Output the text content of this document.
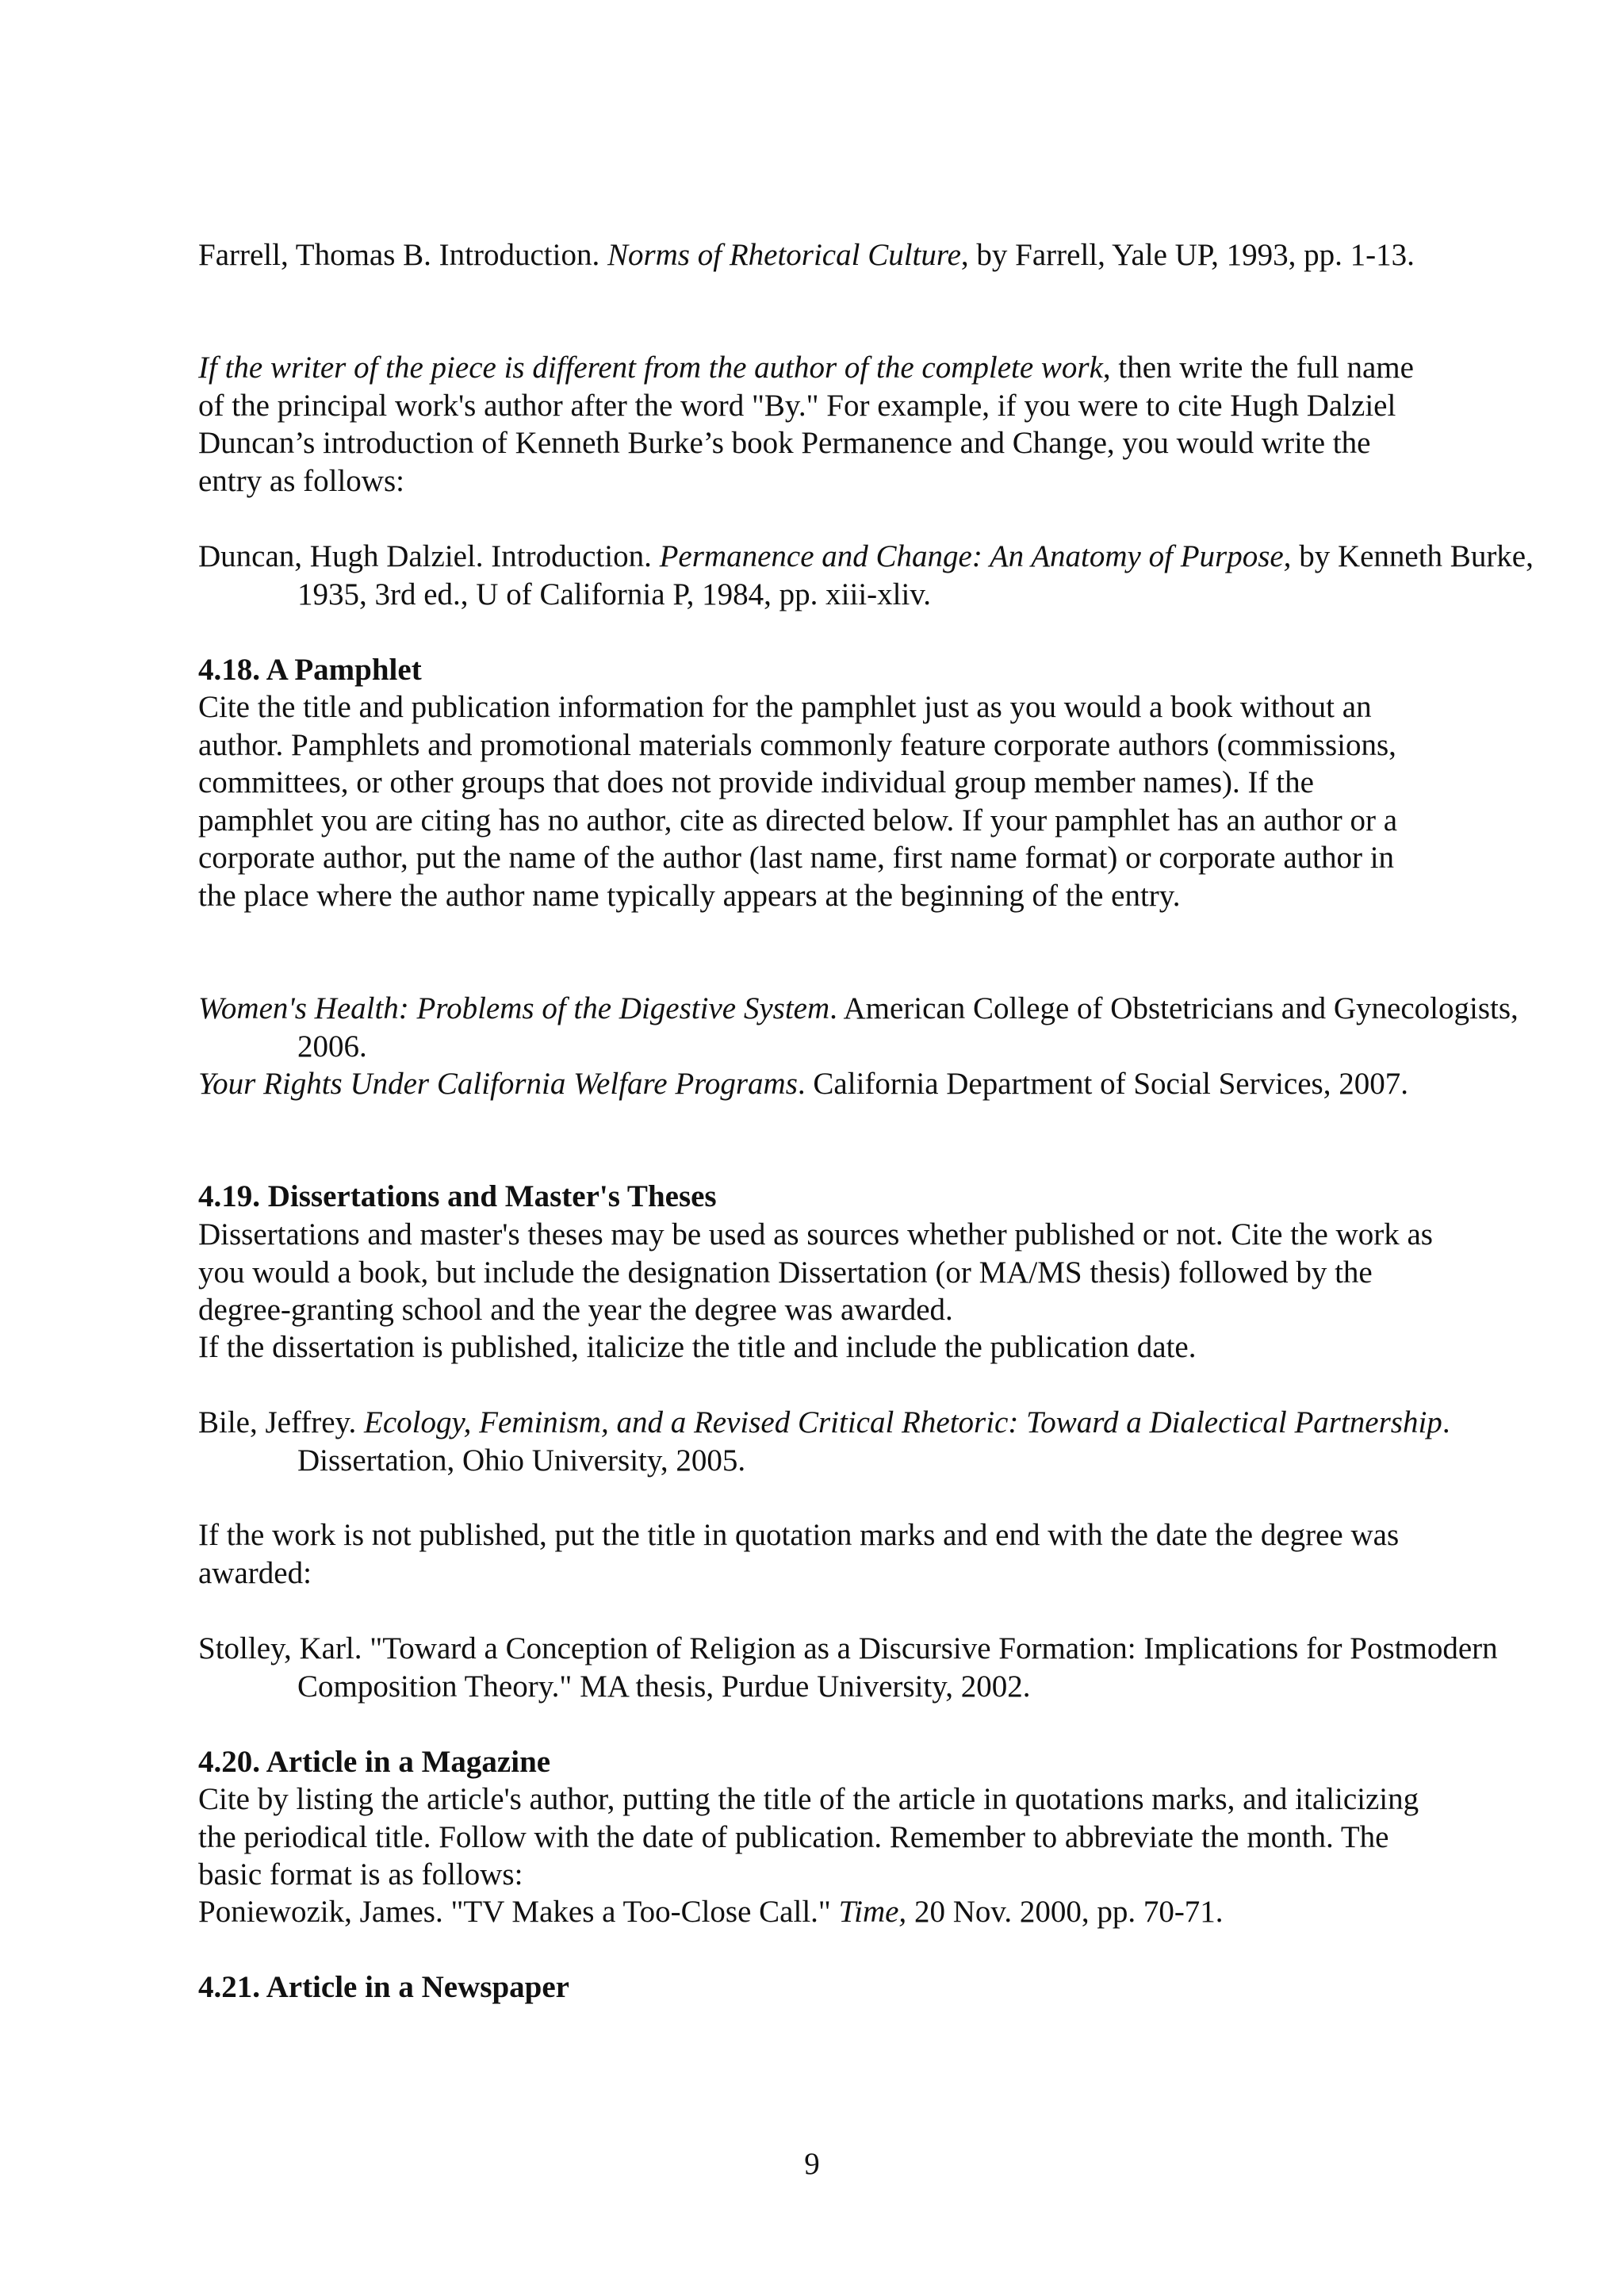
Farrell, Thomas B. Introduction. Norms of Rhetorical Culture, by Farrell, Yale UP, 1993, pp. 1-13.

If the writer of the piece is different from the author of the complete work, then write the full name of the principal work's author after the word "By." For example, if you were to cite Hugh Dalziel Duncan’s introduction of Kenneth Burke’s book Permanence and Change, you would write the entry as follows:

Duncan, Hugh Dalziel. Introduction. Permanence and Change: An Anatomy of Purpose, by Kenneth Burke, 1935, 3rd ed., U of California P, 1984, pp. xiii-xliv.

4.18. A Pamphlet

Cite the title and publication information for the pamphlet just as you would a book without an author. Pamphlets and promotional materials commonly feature corporate authors (commissions, committees, or other groups that does not provide individual group member names). If the pamphlet you are citing has no author, cite as directed below. If your pamphlet has an author or a corporate author, put the name of the author (last name, first name format) or corporate author in the place where the author name typically appears at the beginning of the entry.

Women's Health: Problems of the Digestive System. American College of Obstetricians and Gynecologists, 2006.

Your Rights Under California Welfare Programs. California Department of Social Services, 2007.

4.19. Dissertations and Master's Theses

Dissertations and master's theses may be used as sources whether published or not. Cite the work as you would a book, but include the designation Dissertation (or MA/MS thesis) followed by the degree-granting school and the year the degree was awarded.

If the dissertation is published, italicize the title and include the publication date.

Bile, Jeffrey. Ecology, Feminism, and a Revised Critical Rhetoric: Toward a Dialectical Partnership. Dissertation, Ohio University, 2005.

If the work is not published, put the title in quotation marks and end with the date the degree was awarded:

Stolley, Karl. "Toward a Conception of Religion as a Discursive Formation: Implications for Postmodern Composition Theory." MA thesis, Purdue University, 2002.

4.20. Article in a Magazine

Cite by listing the article's author, putting the title of the article in quotations marks, and italicizing the periodical title. Follow with the date of publication. Remember to abbreviate the month. The basic format is as follows:

Poniewozik, James. "TV Makes a Too-Close Call." Time, 20 Nov. 2000, pp. 70-71.

4.21. Article in a Newspaper

9
